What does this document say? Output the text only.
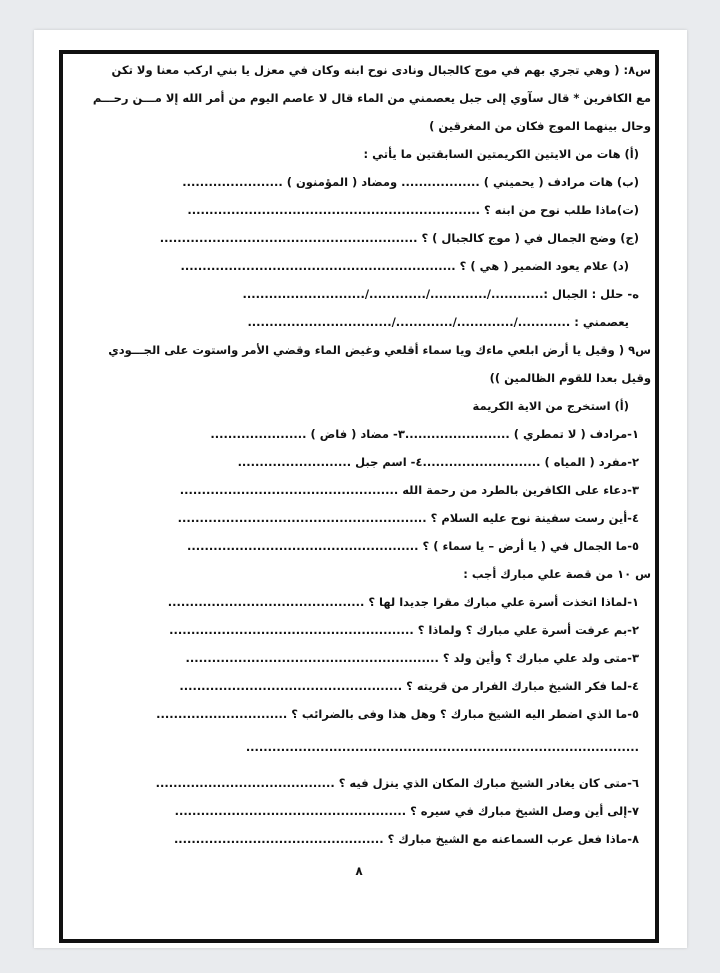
س٨: ( وهي تجري بهم في موج كالجبال ونادى نوح ابنه وكان في معزل يا بني اركب معنا ولا تكن
مع الكافرين * قال سآوي إلى جبل يعصمني من الماء قال لا عاصم اليوم من أمر الله إلا مـــن رحـــم
وحال بينهما الموج فكان من المغرقين )
(أ) هات من الايتين الكريمتين السابقتين ما يأتي :
(ب) هات مرادف ( يحميني ) .................. ومضاد ( المؤمنون ) .......................
(ت)ماذا طلب نوح من ابنه ؟ ...................................................................
(ج) وضح الجمال في ( موج كالجبال ) ؟ ...........................................................
(د) علام يعود الضمير ( هي ) ؟ ...............................................................
ه- حلل : الجبال :............/............./............./............................
يعصمني : ............/............./............./.................................
س٩ ( وقيل يا أرض ابلعي ماءك ويا سماء أقلعي وغيض الماء وقضي الأمر واستوت على الجـــودي
وقيل بعدا للقوم الظالمين ))
(أ) استخرج من الاية الكريمة
١-مرادف ( لا تمطري ) ........................٣- مضاد ( فاض ) ......................
٢-مفرد ( المياه ) ...........................٤- اسم جبل ..........................
٣-دعاء على الكافرين بالطرد من رحمة الله ..................................................
٤-أين رست سفينة نوح عليه السلام ؟ .........................................................
٥-ما الجمال في ( يا أرض – يا سماء ) ؟ .....................................................
س ١٠ من قصة علي مبارك أجب :
١-لماذا اتخذت أسرة علي مبارك مقرا جديدا لها ؟ .............................................
٢-بم عرفت أسرة علي مبارك ؟ ولماذا ؟ ........................................................
٣-متى ولد علي مبارك ؟ وأين ولد ؟ ..........................................................
٤-لما فكر الشيخ مبارك الفرار من قريته ؟ ...................................................
٥-ما الذي اضطر اليه الشيخ مبارك ؟ وهل هذا وفى بالضرائب ؟ ..............................
..........................................................................................
٦-متى كان يغادر الشيخ مبارك المكان الذي ينزل فيه ؟ .........................................
٧-إلى أين وصل الشيخ مبارك في سيره ؟ .....................................................
٨-ماذا فعل عرب السماعنه مع الشيخ مبارك ؟ ................................................
٨
